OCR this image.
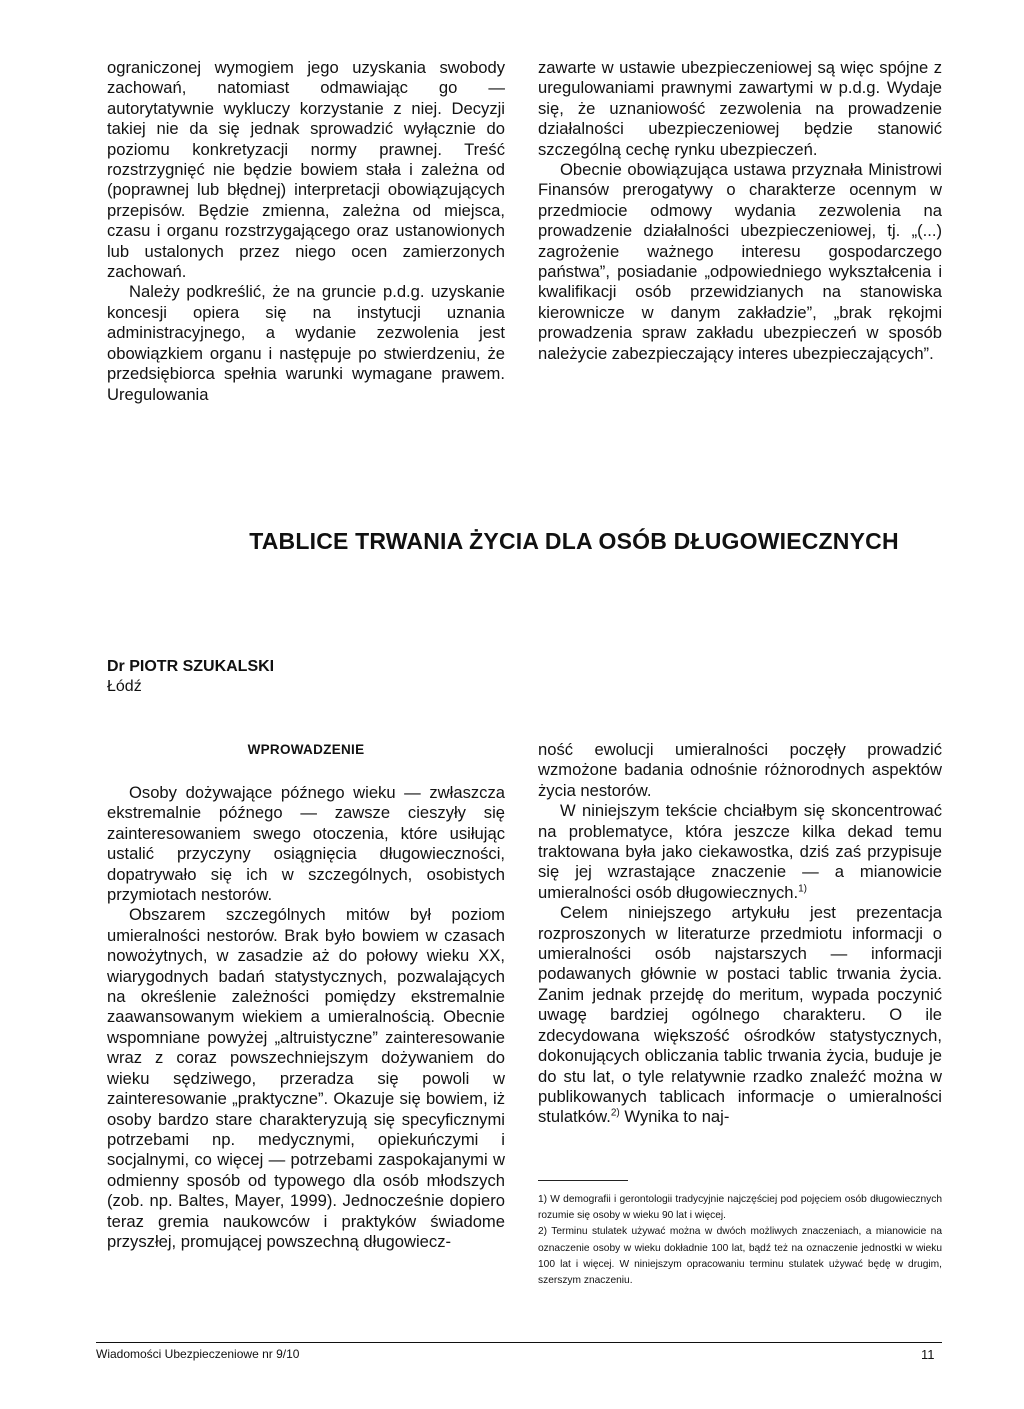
ograniczonej wymogiem jego uzyskania swobody zachowań, natomiast odmawiając go — autorytatywnie wykluczy korzystanie z niej. Decyzji takiej nie da się jednak sprowadzić wyłącznie do poziomu konkretyzacji normy prawnej. Treść rozstrzygnięć nie będzie bowiem stała i zależna od (poprawnej lub błędnej) interpretacji obowiązujących przepisów. Będzie zmienna, zależna od miejsca, czasu i organu rozstrzygającego oraz ustanowionych lub ustalonych przez niego ocen zamierzonych zachowań.

Należy podkreślić, że na gruncie p.d.g. uzyskanie koncesji opiera się na instytucji uznania administracyjnego, a wydanie zezwolenia jest obowiązkiem organu i następuje po stwierdzeniu, że przedsiębiorca spełnia warunki wymagane prawem. Uregulowania

zawarte w ustawie ubezpieczeniowej są więc spójne z uregulowaniami prawnymi zawartymi w p.d.g. Wydaje się, że uznaniowość zezwolenia na prowadzenie działalności ubezpieczeniowej będzie stanowić szczególną cechę rynku ubezpieczeń.

Obecnie obowiązująca ustawa przyznała Ministrowi Finansów prerogatywy o charakterze ocennym w przedmiocie odmowy wydania zezwolenia na prowadzenie działalności ubezpieczeniowej, tj. „(...) zagrożenie ważnego interesu gospodarczego państwa”, posiadanie „odpowiedniego wykształcenia i kwalifikacji osób przewidzianych na stanowiska kierownicze w danym zakładzie”, „brak rękojmi prowadzenia spraw zakładu ubezpieczeń w sposób należycie zabezpieczający interes ubezpieczających”.

TABLICE TRWANIA ŻYCIA DLA OSÓB DŁUGOWIECZNYCH
Dr PIOTR SZUKALSKI
Łódź
WPROWADZENIE

Osoby dożywające późnego wieku — zwłaszcza ekstremalnie późnego — zawsze cieszyły się zainteresowaniem swego otoczenia, które usiłując ustalić przyczyny osiągnięcia długowieczności, dopatrywało się ich w szczególnych, osobistych przymiotach nestorów.

Obszarem szczególnych mitów był poziom umieralności nestorów. Brak było bowiem w czasach nowożytnych, w zasadzie aż do połowy wieku XX, wiarygodnych badań statystycznych, pozwalających na określenie zależności pomiędzy ekstremalnie zaawansowanym wiekiem a umieralnością. Obecnie wspomniane powyżej „altruistyczne” zainteresowanie wraz z coraz powszechniejszym dożywaniem do wieku sędziwego, przeradza się powoli w zainteresowanie „praktyczne”. Okazuje się bowiem, iż osoby bardzo stare charakteryzują się specyficznymi potrzebami np. medycznymi, opiekuńczymi i socjalnymi, co więcej — potrzebami zaspokajanymi w odmienny sposób od typowego dla osób młodszych (zob. np. Baltes, Mayer, 1999). Jednocześnie dopiero teraz gremia naukowców i praktyków świadome przyszłej, promującej powszechną długowiecz-

ność ewolucji umieralności poczęły prowadzić wzmożone badania odnośnie różnorodnych aspektów życia nestorów.

W niniejszym tekście chciałbym się skoncentrować na problematyce, która jeszcze kilka dekad temu traktowana była jako ciekawostka, dziś zaś przypisuje się jej wzrastające znaczenie — a mianowicie umieralności osób długowiecznych.$^{1)}$

Celem niniejszego artykułu jest prezentacja rozproszonych w literaturze przedmiotu informacji o umieralności osób najstarszych — informacji podawanych głównie w postaci tablic trwania życia. Zanim jednak przejdę do meritum, wypada poczynić uwagę bardziej ogólnego charakteru. O ile zdecydowana większość ośrodków statystycznych, dokonujących obliczania tablic trwania życia, buduje je do stu lat, o tyle relatywnie rzadko znaleźć można w publikowanych tablicach informacje o umieralności stulatków.$^{2)}$ Wynika to naj-

1) W demografii i gerontologii tradycyjnie najczęściej pod pojęciem osób długowiecznych rozumie się osoby w wieku 90 lat i więcej.

2) Terminu stulatek używać można w dwóch możliwych znaczeniach, a mianowicie na oznaczenie osoby w wieku dokładnie 100 lat, bądź też na oznaczenie jednostki w wieku 100 lat i więcej. W niniejszym opracowaniu terminu stulatek używać będę w drugim, szerszym znaczeniu.

Wiadomości Ubezpieczeniowe nr 9/10	11
